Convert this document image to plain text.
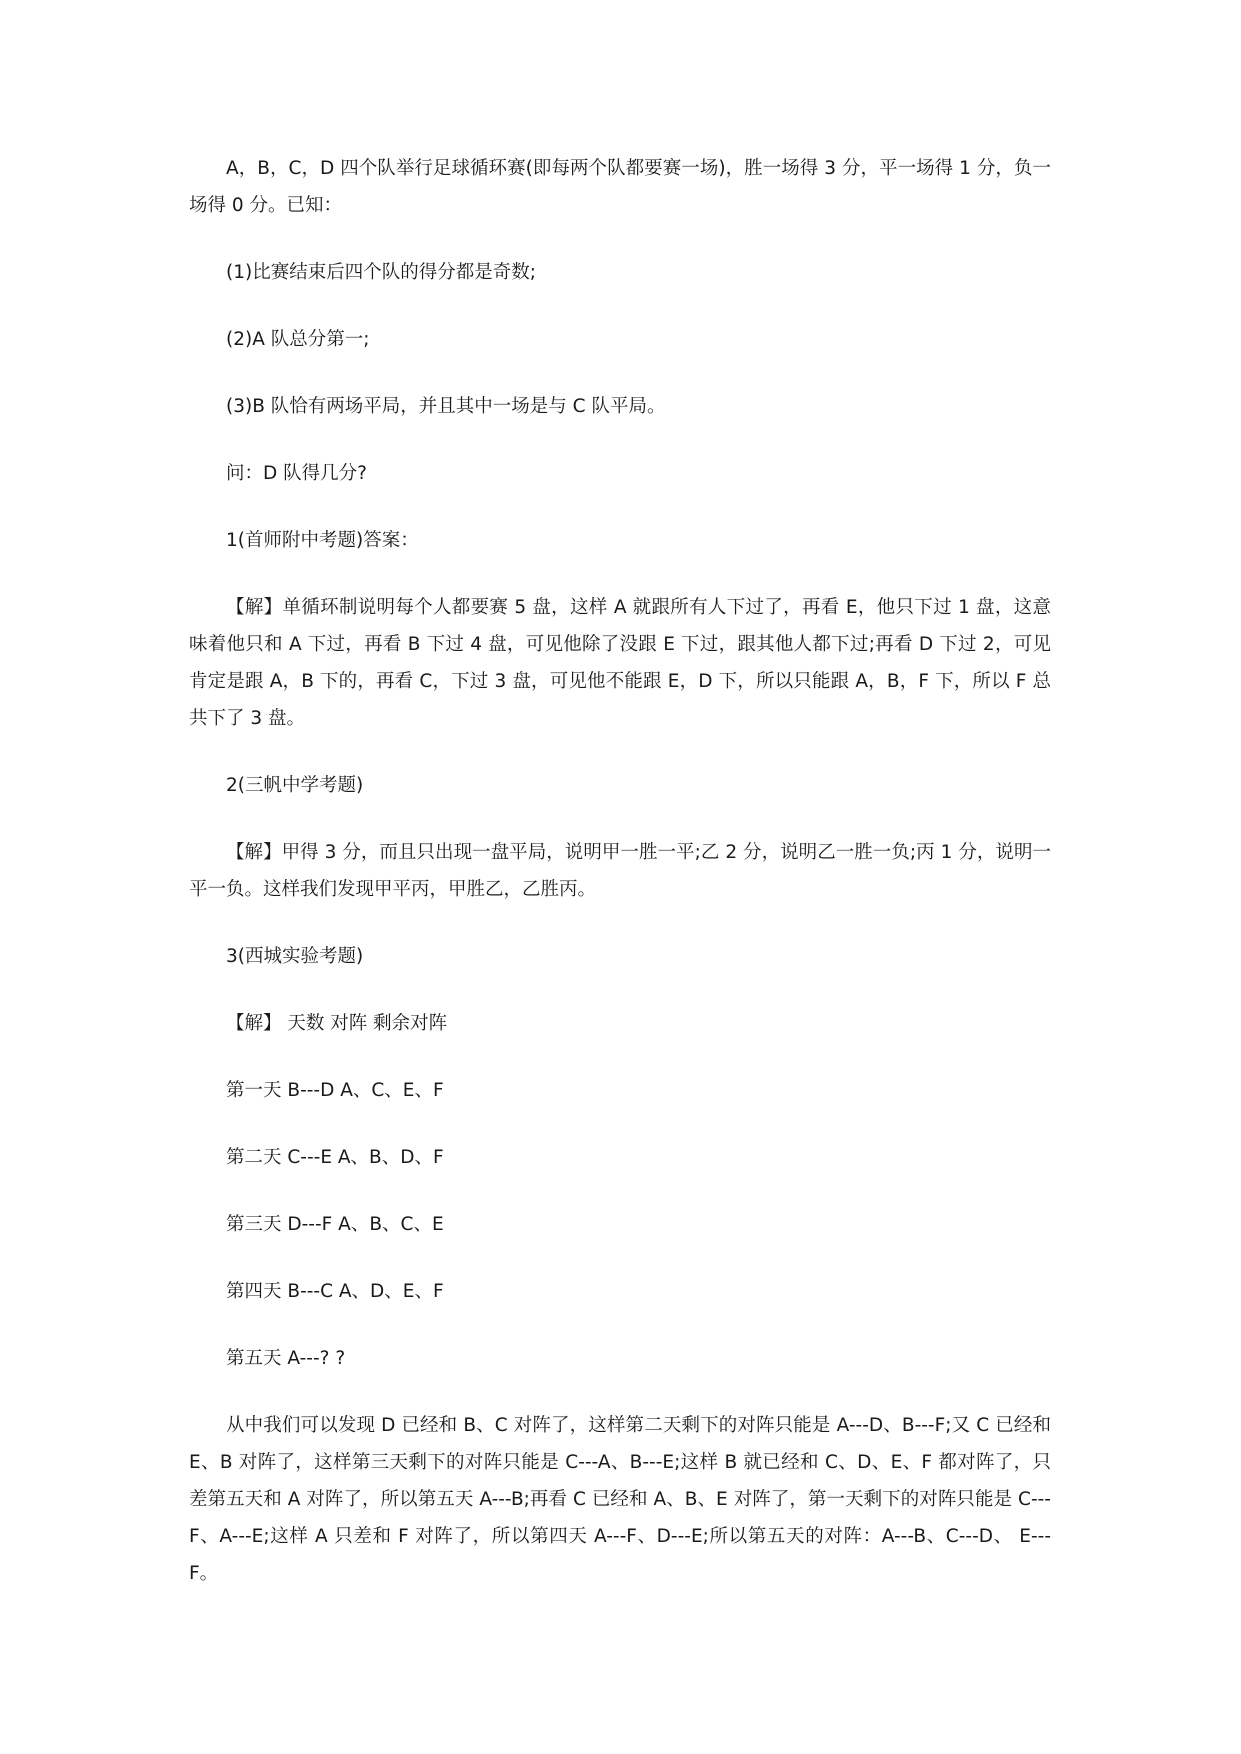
A，B，C，D 四个队举行足球循环赛(即每两个队都要赛一场)，胜一场得 3 分，平一场得 1 分，负一场得 0 分。已知：

(1)比赛结束后四个队的得分都是奇数;

(2)A 队总分第一;

(3)B 队恰有两场平局，并且其中一场是与 C 队平局。

问：D 队得几分?

1(首师附中考题)答案：

【解】单循环制说明每个人都要赛 5 盘，这样 A 就跟所有人下过了，再看 E，他只下过 1 盘，这意味着他只和 A 下过，再看 B 下过 4 盘，可见他除了没跟 E 下过，跟其他人都下过;再看 D 下过 2，可见肯定是跟 A，B 下的，再看 C，下过 3 盘，可见他不能跟 E，D 下，所以只能跟 A，B，F 下，所以 F 总共下了 3 盘。

2(三帆中学考题)

【解】甲得 3 分，而且只出现一盘平局，说明甲一胜一平;乙 2 分，说明乙一胜一负;丙 1 分，说明一平一负。这样我们发现甲平丙，甲胜乙，乙胜丙。

3(西城实验考题)

【解】 天数 对阵 剩余对阵

第一天 B---D A、C、E、F

第二天 C---E A、B、D、F

第三天 D---F A、B、C、E

第四天 B---C A、D、E、F

第五天 A---? ?

从中我们可以发现 D 已经和 B、C 对阵了，这样第二天剩下的对阵只能是 A---D、B---F;又 C 已经和 E、B 对阵了，这样第三天剩下的对阵只能是 C---A、B---E;这样 B 就已经和 C、D、E、F 都对阵了，只差第五天和 A 对阵了，所以第五天 A---B;再看 C 已经和 A、B、E 对阵了，第一天剩下的对阵只能是 C---F、A---E;这样 A 只差和 F 对阵了，所以第四天 A---F、D---E;所以第五天的对阵：A---B、C---D、 E---F。
